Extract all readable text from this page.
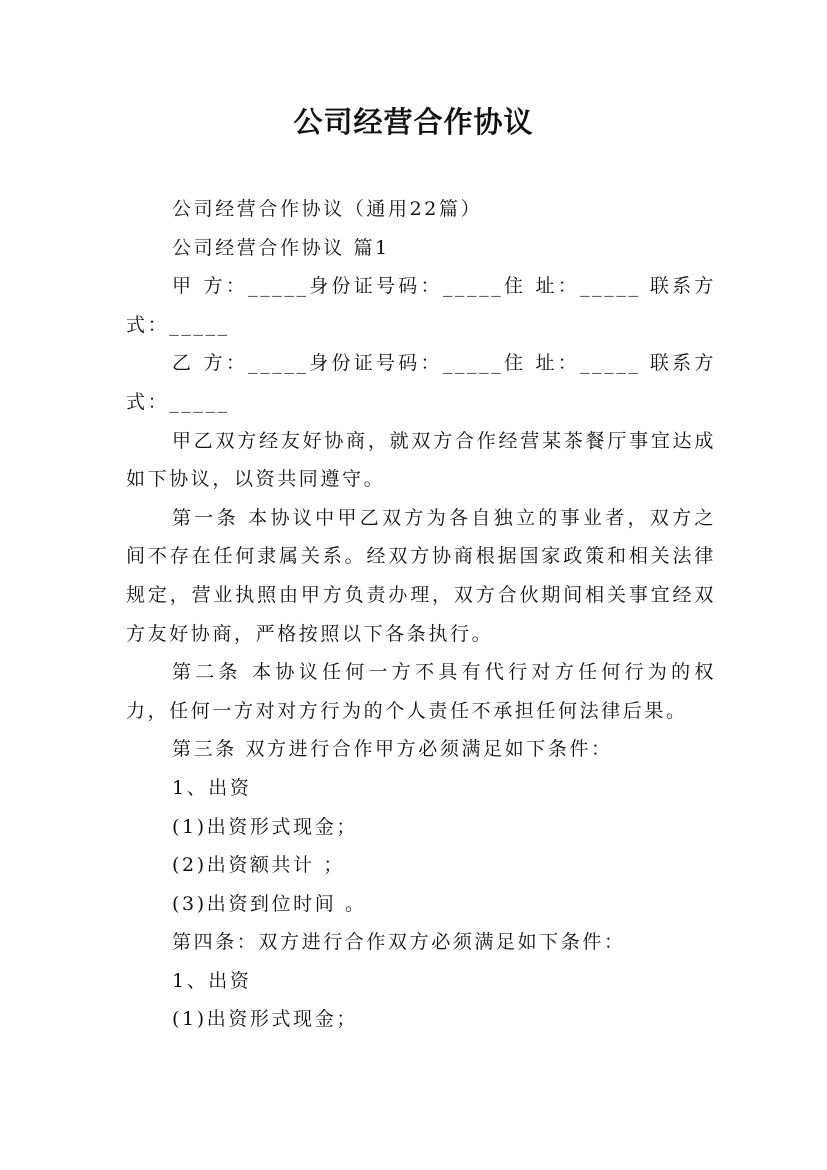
公司经营合作协议

公司经营合作协议（通用22篇）

公司经营合作协议 篇1

甲 方：_____身份证号码：_____住 址：_____ 联系方式：_____

乙 方：_____身份证号码：_____住 址：_____ 联系方式：_____

甲乙双方经友好协商，就双方合作经营某茶餐厅事宜达成如下协议，以资共同遵守。

第一条 本协议中甲乙双方为各自独立的事业者，双方之间不存在任何隶属关系。经双方协商根据国家政策和相关法律规定，营业执照由甲方负责办理，双方合伙期间相关事宜经双方友好协商，严格按照以下各条执行。

第二条 本协议任何一方不具有代行对方任何行为的权力，任何一方对对方行为的个人责任不承担任何法律后果。

第三条 双方进行合作甲方必须满足如下条件：

1、出资

(1)出资形式现金；

(2)出资额共计 ；

(3)出资到位时间 。

第四条：双方进行合作双方必须满足如下条件：

1、出资

(1)出资形式现金；
